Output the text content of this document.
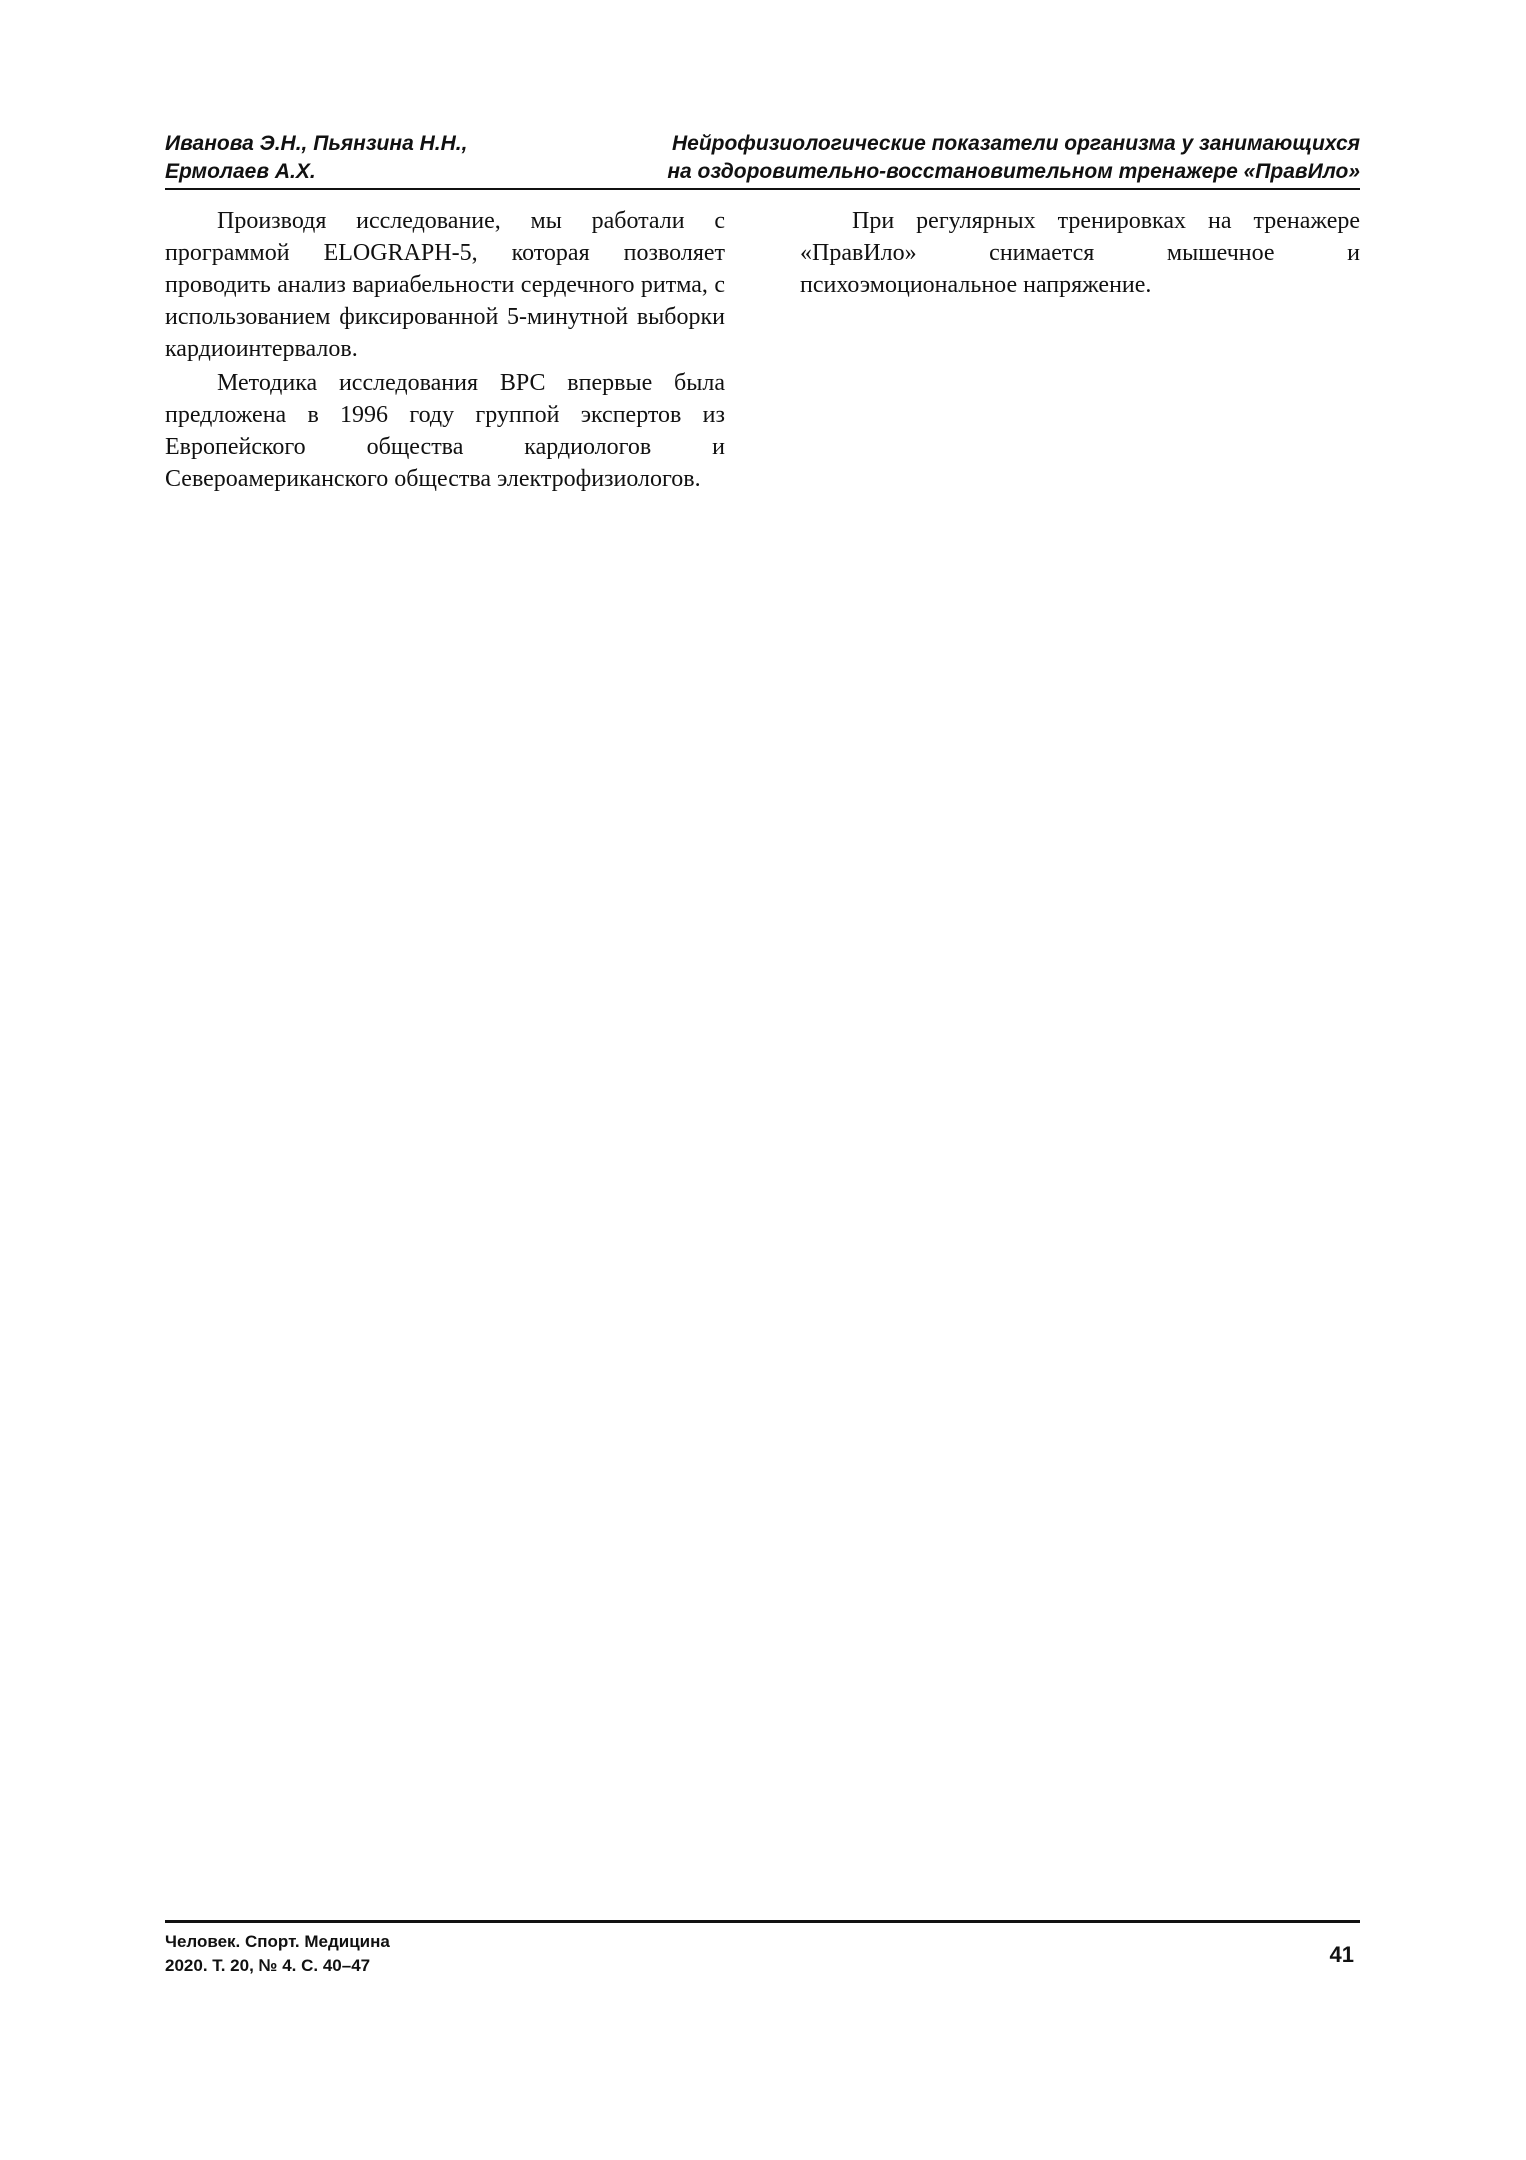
Иванова Э.Н., Пьянзина Н.Н.,
Ермолаев А.Х.
Нейрофизиологические показатели организма у занимающихся
на оздоровительно-восстановительном тренажере «ПравИло»

Производя исследование, мы работали с программой ELOGRAPH-5, которая позволяет проводить анализ вариабельности сердечного ритма, с использованием фиксированной 5-минутной выборки кардиоинтервалов.

Методика исследования ВРС впервые была предложена в 1996 году группой экспертов из Европейского общества кардиологов и Североамериканского общества электрофизиологов.

При регулярных тренировках на тренажере «ПравИло» снимается мышечное и психоэмоциональное напряжение.

Человек. Спорт. Медицина
2020. Т. 20, № 4. С. 40–47	41
